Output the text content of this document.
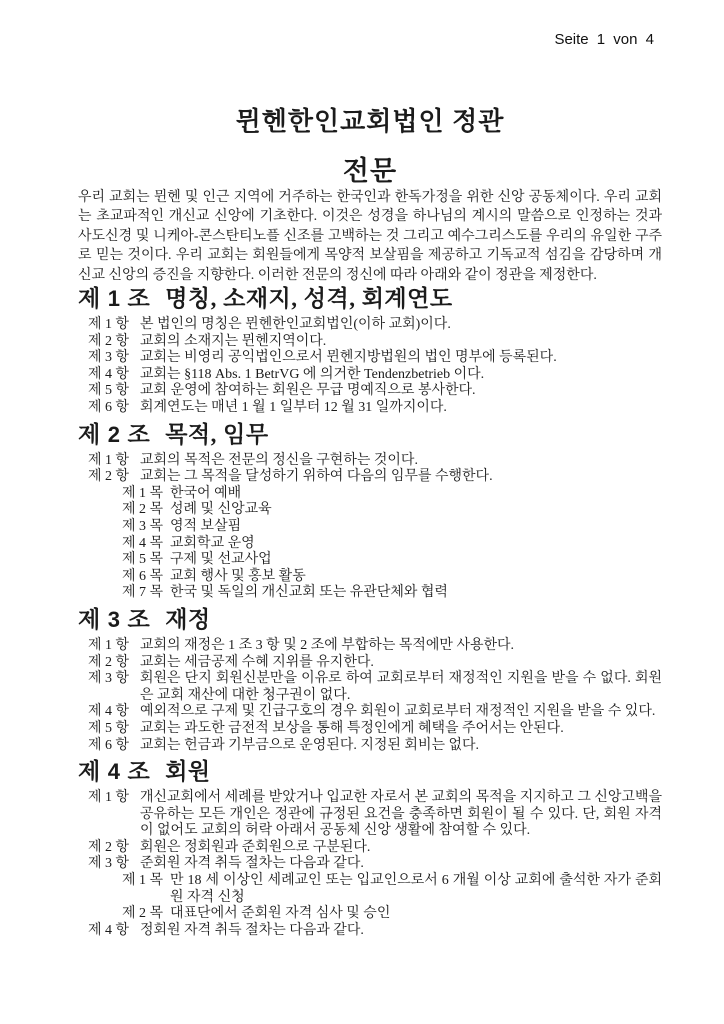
Seite 1 von 4
뮌헨한인교회법인 정관
전문

우리 교회는 뮌헨 및 인근 지역에 거주하는 한국인과 한독가정을 위한 신앙 공동체이다. 우리 교회는 초교파적인 개신교 신앙에 기초한다. 이것은 성경을 하나님의 계시의 말씀으로 인정하는 것과 사도신경 및 니케아-콘스탄티노플 신조를 고백하는 것 그리고 예수그리스도를 우리의 유일한 구주로 믿는 것이다. 우리 교회는 회원들에게 목양적 보살핌을 제공하고 기독교적 섬김을 감당하며 개신교 신앙의 증진을 지향한다. 이러한 전문의 정신에 따라 아래와 같이 정관을 제정한다.

제 1 조 명칭, 소재지, 성격, 회계연도
제 1 항 본 법인의 명칭은 뮌헨한인교회법인(이하 교회)이다.
제 2 항 교회의 소재지는 뮌헨지역이다.
제 3 항 교회는 비영리 공익법인으로서 뮌헨지방법원의 법인 명부에 등록된다.
제 4 항 교회는 §118 Abs. 1 BetrVG 에 의거한 Tendenzbetrieb 이다.
제 5 항 교회 운영에 참여하는 회원은 무급 명예직으로 봉사한다.
제 6 항 회계연도는 매년 1 월 1 일부터 12 월 31 일까지이다.
제 2 조 목적, 임무
제 1 항 교회의 목적은 전문의 정신을 구현하는 것이다.
제 2 항 교회는 그 목적을 달성하기 위하여 다음의 임무를 수행한다.
제 1 목 한국어 예배
제 2 목 성례 및 신앙교육
제 3 목 영적 보살핌
제 4 목 교회학교 운영
제 5 목 구제 및 선교사업
제 6 목 교회 행사 및 홍보 활동
제 7 목 한국 및 독일의 개신교회 또는 유관단체와 협력
제 3 조 재정
제 1 항 교회의 재정은 1 조 3 항 및 2 조에 부합하는 목적에만 사용한다.
제 2 항 교회는 세금공제 수혜 지위를 유지한다.
제 3 항 회원은 단지 회원신분만을 이유로 하여 교회로부터 재정적인 지원을 받을 수 없다. 회원은 교회 재산에 대한 청구권이 없다.
제 4 항 예외적으로 구제 및 긴급구호의 경우 회원이 교회로부터 재정적인 지원을 받을 수 있다.
제 5 항 교회는 과도한 금전적 보상을 통해 특정인에게 혜택을 주어서는 안된다.
제 6 항 교회는 헌금과 기부금으로 운영된다. 지정된 회비는 없다.
제 4 조 회원
제 1 항 개신교회에서 세례를 받았거나 입교한 자로서 본 교회의 목적을 지지하고 그 신앙고백을 공유하는 모든 개인은 정관에 규정된 요건을 충족하면 회원이 될 수 있다. 단, 회원 자격이 없어도 교회의 허락 아래서 공동체 신앙 생활에 참여할 수 있다.
제 2 항 회원은 정회원과 준회원으로 구분된다.
제 3 항 준회원 자격 취득 절차는 다음과 같다.
제 1 목 만 18 세 이상인 세례교인 또는 입교인으로서 6 개월 이상 교회에 출석한 자가 준회원 자격 신청
제 2 목 대표단에서 준회원 자격 심사 및 승인
제 4 항 정회원 자격 취득 절차는 다음과 같다.
